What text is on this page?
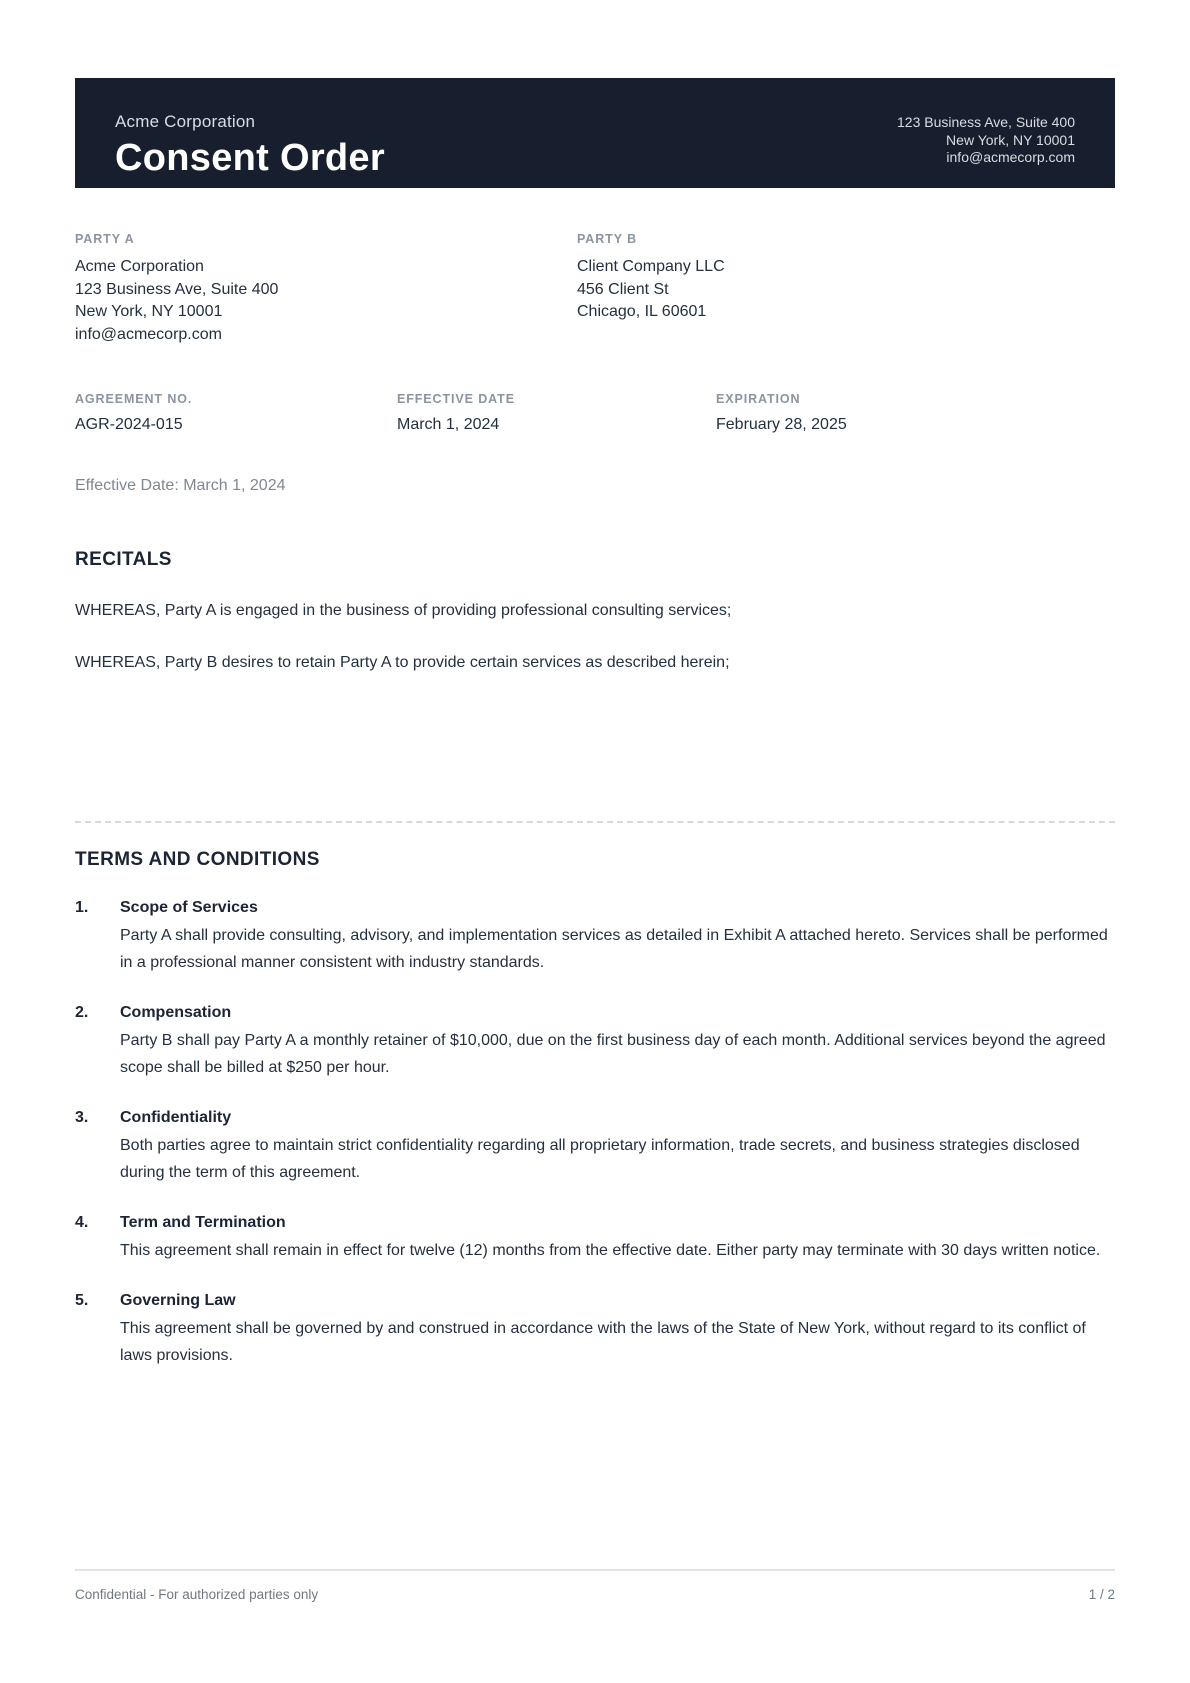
Acme Corporation
Consent Order
123 Business Ave, Suite 400
New York, NY 10001
info@acmecorp.com
PARTY A
Acme Corporation
123 Business Ave, Suite 400
New York, NY 10001
info@acmecorp.com
PARTY B
Client Company LLC
456 Client St
Chicago, IL 60601
AGREEMENT NO.
AGR-2024-015
EFFECTIVE DATE
March 1, 2024
EXPIRATION
February 28, 2025

Effective Date: March 1, 2024

RECITALS

WHEREAS, Party A is engaged in the business of providing professional consulting services;

WHEREAS, Party B desires to retain Party A to provide certain services as described herein;

TERMS AND CONDITIONS
1.	Scope of Services
Party A shall provide consulting, advisory, and implementation services as detailed in Exhibit A attached hereto. Services shall be performed in a professional manner consistent with industry standards.
2.	Compensation
Party B shall pay Party A a monthly retainer of $10,000, due on the first business day of each month. Additional services beyond the agreed scope shall be billed at $250 per hour.
3.	Confidentiality
Both parties agree to maintain strict confidentiality regarding all proprietary information, trade secrets, and business strategies disclosed during the term of this agreement.
4.	Term and Termination
This agreement shall remain in effect for twelve (12) months from the effective date. Either party may terminate with 30 days written notice.
5.	Governing Law
This agreement shall be governed by and construed in accordance with the laws of the State of New York, without regard to its conflict of laws provisions.
Confidential - For authorized parties only	1 / 2
